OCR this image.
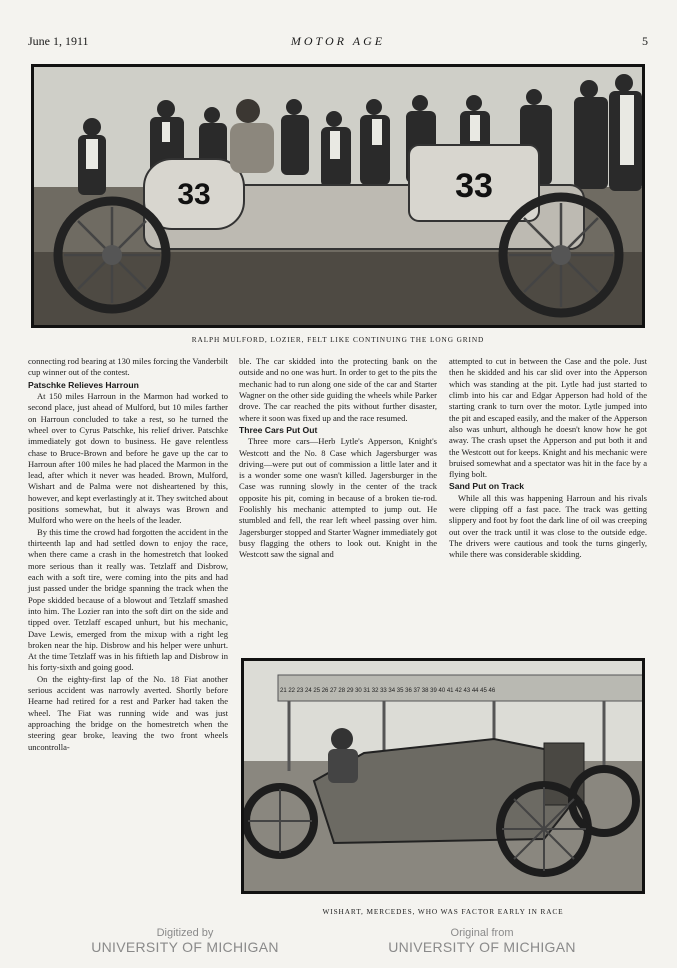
June 1, 1911	MOTOR AGE	5
33	33
RALPH MULFORD, LOZIER, FELT LIKE CONTINUING THE LONG GRIND

connecting rod bearing at 130 miles forcing the Vanderbilt cup winner out of the contest.

Patschke Relieves Harroun

At 150 miles Harroun in the Marmon had worked to second place, just ahead of Mulford, but 10 miles farther on Harroun concluded to take a rest, so he turned the wheel over to Cyrus Patschke, his relief driver. Patschke immediately got down to business. He gave relentless chase to Bruce-Brown and before he gave up the car to Harroun after 100 miles he had placed the Marmon in the lead, after which it never was headed. Brown, Mulford, Wishart and de Palma were not disheartened by this, however, and kept everlastingly at it. They switched about positions somewhat, but it always was Brown and Mulford who were on the heels of the leader.

By this time the crowd had forgotten the accident in the thirteenth lap and had settled down to enjoy the race, when there came a crash in the homestretch that looked more serious than it really was. Tetzlaff and Disbrow, each with a soft tire, were coming into the pits and had just passed under the bridge spanning the track when the Pope skidded because of a blowout and Tetzlaff smashed into him. The Lozier ran into the soft dirt on the side and tipped over. Tetzlaff escaped unhurt, but his mechanic, Dave Lewis, emerged from the mixup with a right leg broken near the hip. Disbrow and his helper were unhurt. At the time Tetzlaff was in his fiftieth lap and Disbrow in his forty-sixth and going good.

On the eighty-first lap of the No. 18 Fiat another serious accident was narrowly averted. Shortly before Hearne had retired for a rest and Parker had taken the wheel. The Fiat was running wide and was just approaching the bridge on the homestretch when the steering gear broke, leaving the two front wheels uncontrolla-

ble. The car skidded into the protecting bank on the outside and no one was hurt. In order to get to the pits the mechanic had to run along one side of the car and Starter Wagner on the other side guiding the wheels while Parker drove. The car reached the pits without further disaster, where it soon was fixed up and the race resumed.

Three Cars Put Out

Three more cars—Herb Lytle's Apperson, Knight's Westcott and the No. 8 Case which Jagersburger was driving—were put out of commission a little later and it is a wonder some one wasn't killed. Jagersburger in the Case was running slowly in the center of the track opposite his pit, coming in because of a broken tie-rod. Foolishly his mechanic attempted to jump out. He stumbled and fell, the rear left wheel passing over him. Jagersburger stopped and Starter Wagner immediately got busy flagging the others to look out. Knight in the Westcott saw the signal and

attempted to cut in between the Case and the pole. Just then he skidded and his car slid over into the Apperson which was standing at the pit. Lytle had just started to climb into his car and Edgar Apperson had hold of the starting crank to turn over the motor. Lytle jumped into the pit and escaped easily, and the maker of the Apperson also was unhurt, although he doesn't know how he got away. The crash upset the Apperson and put both it and the Westcott out for keeps. Knight and his mechanic were bruised somewhat and a spectator was hit in the face by a flying bolt.

Sand Put on Track

While all this was happening Harroun and his rivals were clipping off a fast pace. The track was getting slippery and foot by foot the dark line of oil was creeping out over the track until it was close to the outside edge. The drivers were cautious and took the turns gingerly, while there was considerable skidding.

21 22 23 24 25 26 27 28 29 30 31 32 33 34 35 36 37 38 39 40 41 42 43 44 45 46
WISHART, MERCEDES, WHO WAS FACTOR EARLY IN RACE
Digitized by
UNIVERSITY OF MICHIGAN
Original from
UNIVERSITY OF MICHIGAN
